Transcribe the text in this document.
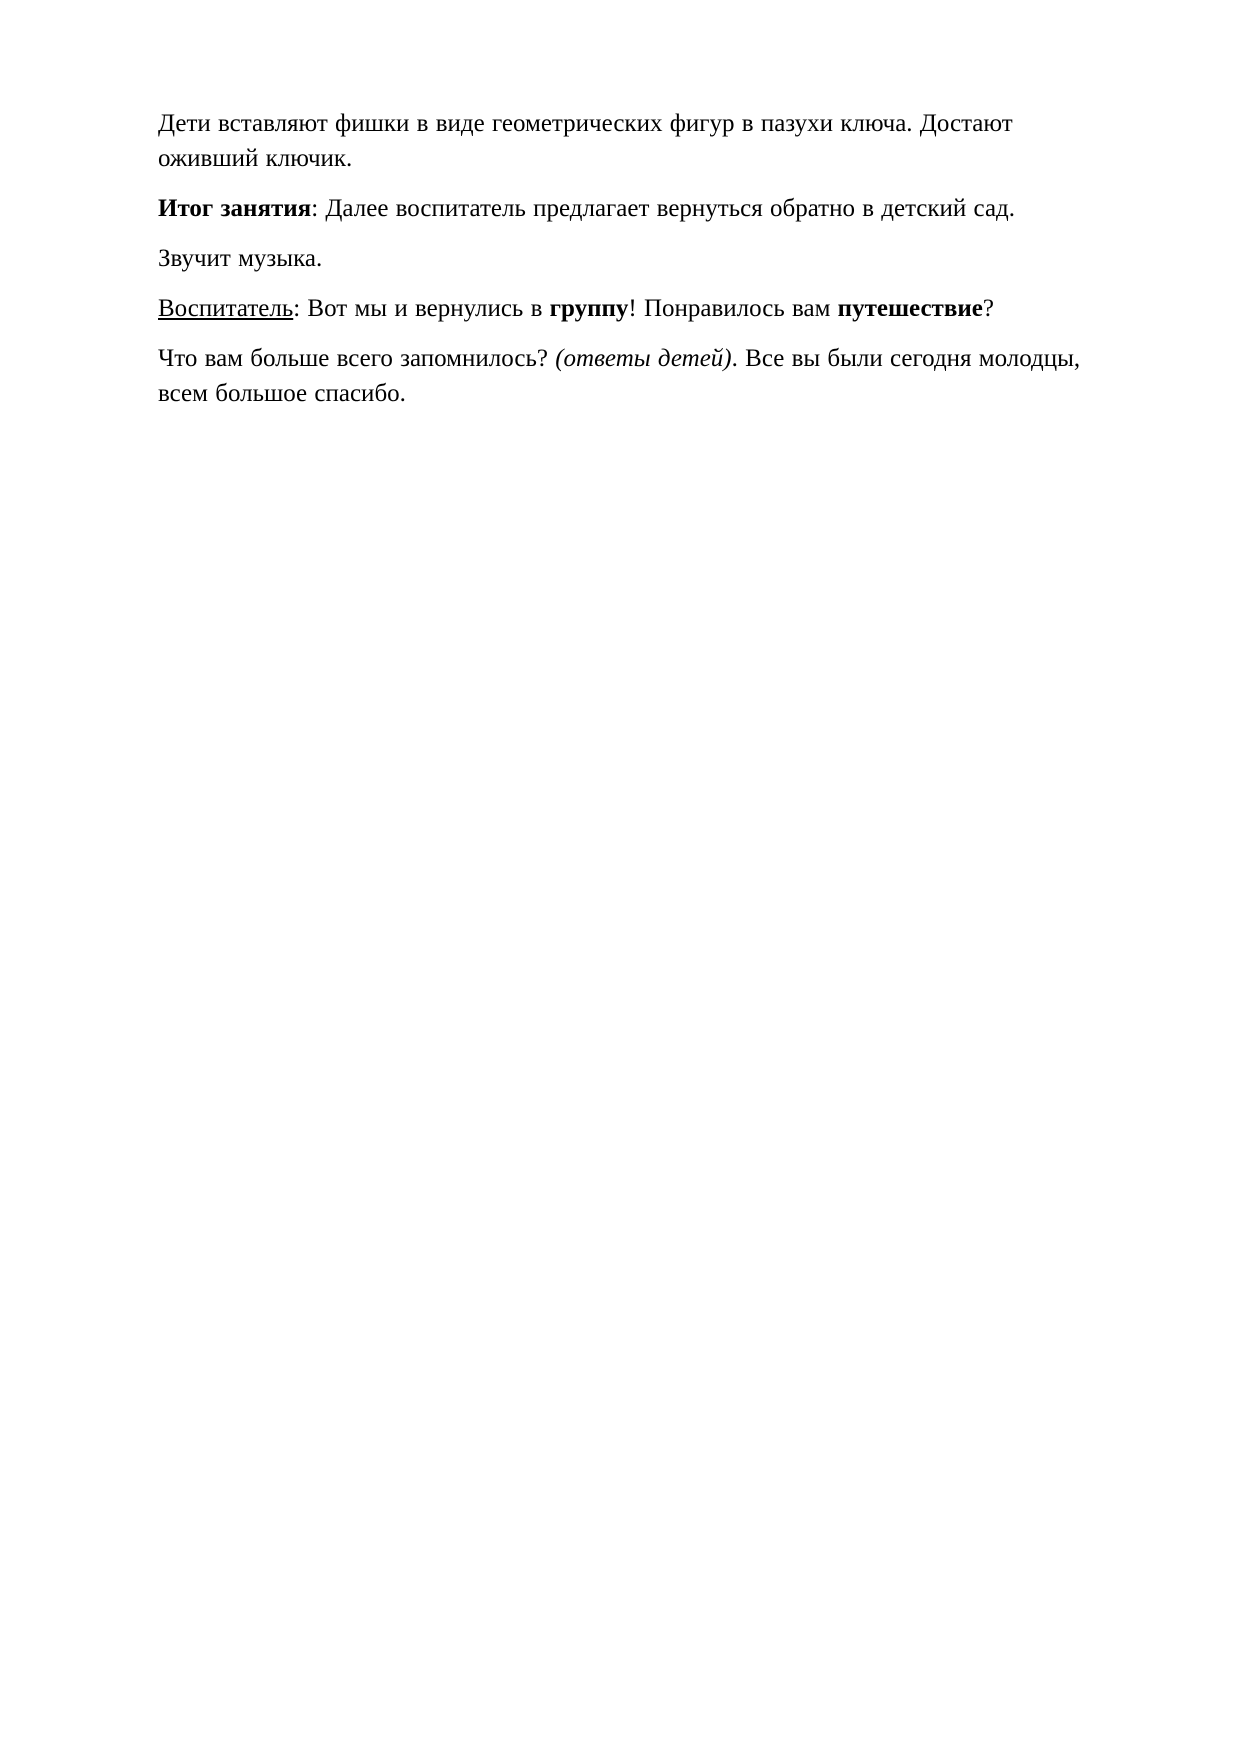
Дети вставляют фишки в виде геометрических фигур в пазухи ключа. Достают оживший ключик.

Итог занятия: Далее воспитатель предлагает вернуться обратно в детский сад.

Звучит музыка.

Воспитатель: Вот мы и вернулись в группу! Понравилось вам путешествие?

Что вам больше всего запомнилось? (ответы детей). Все вы были сегодня молодцы, всем большое спасибо.
